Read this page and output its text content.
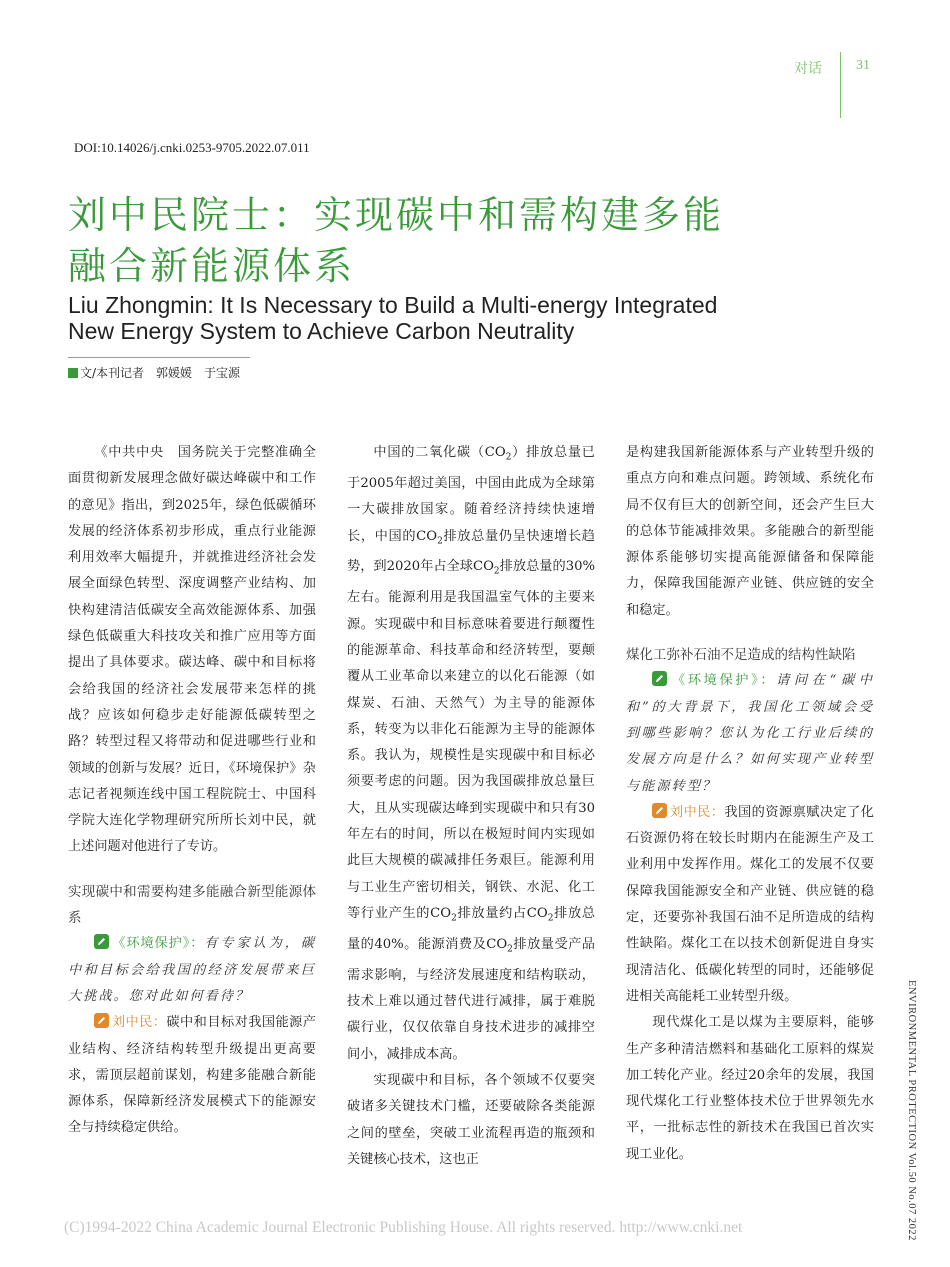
对话 31
DOI:10.14026/j.cnki.0253-9705.2022.07.011
刘中民院士：实现碳中和需构建多能
融合新能源体系
Liu Zhongmin: It Is Necessary to Build a Multi-energy Integrated
New Energy System to Achieve Carbon Neutrality
文/本刊记者　郭媛媛　于宝源

《中共中央　国务院关于完整准确全面贯彻新发展理念做好碳达峰碳中和工作的意见》指出，到2025年，绿色低碳循环发展的经济体系初步形成，重点行业能源利用效率大幅提升，并就推进经济社会发展全面绿色转型、深度调整产业结构、加快构建清洁低碳安全高效能源体系、加强绿色低碳重大科技攻关和推广应用等方面提出了具体要求。碳达峰、碳中和目标将会给我国的经济社会发展带来怎样的挑战？应该如何稳步走好能源低碳转型之路？转型过程又将带动和促进哪些行业和领域的创新与发展？近日，《环境保护》杂志记者视频连线中国工程院院士、中国科学院大连化学物理研究所所长刘中民，就上述问题对他进行了专访。

实现碳中和需要构建多能融合新型能源体系

《环境保护》：有专家认为，碳中和目标会给我国的经济发展带来巨大挑战。您对此如何看待？

刘中民：碳中和目标对我国能源产业结构、经济结构转型升级提出更高要求，需顶层超前谋划，构建多能融合新能源体系，保障新经济发展模式下的能源安全与持续稳定供给。

中国的二氧化碳$(CO_2)$排放总量已于2005年超过美国，中国由此成为全球第一大碳排放国家。随着经济持续快速增长，中国的$CO_2$排放总量仍呈快速增长趋势，到2020年占全球$CO_2$排放总量的30%左右。能源利用是我国温室气体的主要来源。实现碳中和目标意味着要进行颠覆性的能源革命、科技革命和经济转型，要颠覆从工业革命以来建立的以化石能源（如煤炭、石油、天然气）为主导的能源体系，转变为以非化石能源为主导的能源体系。我认为，规模性是实现碳中和目标必须要考虑的问题。因为我国碳排放总量巨大，且从实现碳达峰到实现碳中和只有30年左右的时间，所以在极短时间内实现如此巨大规模的碳减排任务艰巨。能源利用与工业生产密切相关，钢铁、水泥、化工等行业产生的$CO_2$排放量约占$CO_2$排放总量的40%。能源消费及$CO_2$排放量受产品需求影响，与经济发展速度和结构联动，技术上难以通过替代进行减排，属于难脱碳行业，仅仅依靠自身技术进步的减排空间小，减排成本高。

实现碳中和目标，各个领域不仅要突破诸多关键技术门槛，还要破除各类能源之间的壁垒，突破工业流程再造的瓶颈和关键核心技术，这也正

是构建我国新能源体系与产业转型升级的重点方向和难点问题。跨领域、系统化布局不仅有巨大的创新空间，还会产生巨大的总体节能减排效果。多能融合的新型能源体系能够切实提高能源储备和保障能力，保障我国能源产业链、供应链的安全和稳定。

煤化工弥补石油不足造成的结构性缺陷

《环境保护》：请问在“碳中和”的大背景下，我国化工领域会受到哪些影响？您认为化工行业后续的发展方向是什么？如何实现产业转型与能源转型？

刘中民：我国的资源禀赋决定了化石资源仍将在较长时期内在能源生产及工业利用中发挥作用。煤化工的发展不仅要保障我国能源安全和产业链、供应链的稳定，还要弥补我国石油不足所造成的结构性缺陷。煤化工在以技术创新促进自身实现清洁化、低碳化转型的同时，还能够促进相关高能耗工业转型升级。

现代煤化工是以煤为主要原料，能够生产多种清洁燃料和基础化工原料的煤炭加工转化产业。经过20余年的发展，我国现代煤化工行业整体技术位于世界领先水平，一批标志性的新技术在我国已首次实现工业化。	ENVIRONMENTAL PROTECTION Vol.50 No.07 2022
(C)1994-2022 China Academic Journal Electronic Publishing House. All rights reserved. http://www.cnki.net
